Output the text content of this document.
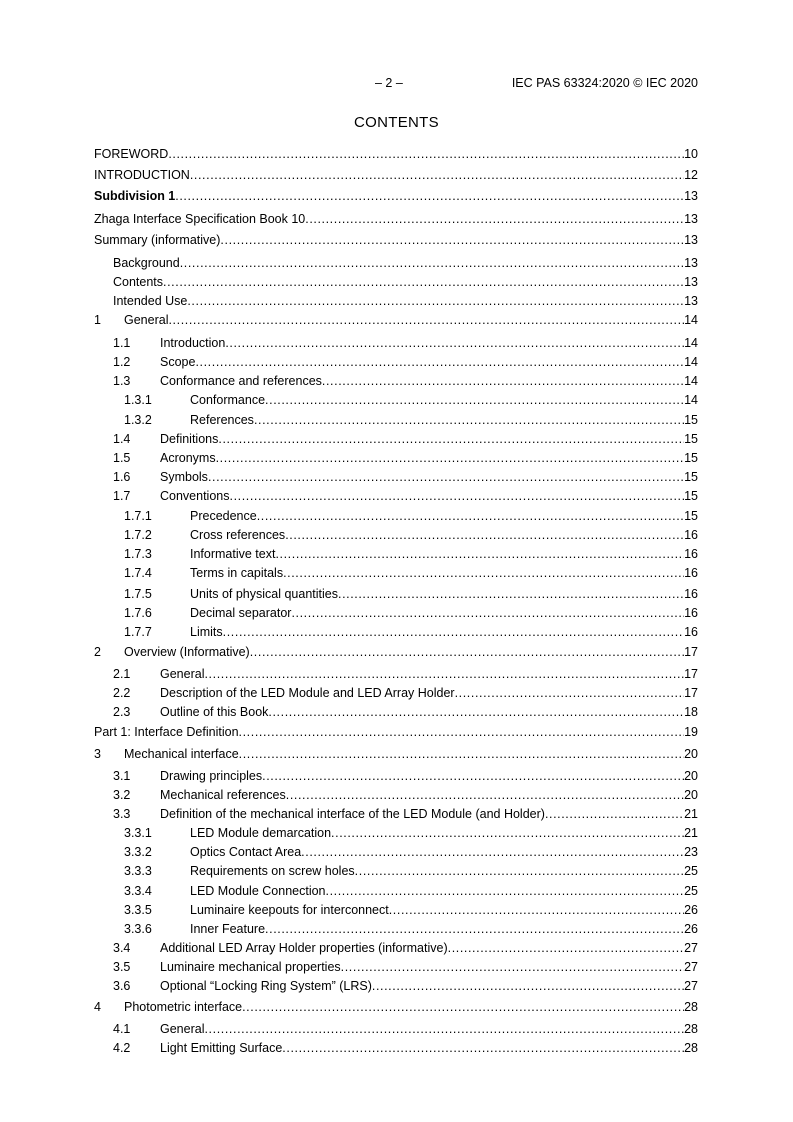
– 2 –	IEC PAS 63324:2020 © IEC 2020
CONTENTS
FOREWORD .....	10
INTRODUCTION .....	12
Subdivision 1 .....	13
Zhaga Interface Specification Book 10 .....	13
Summary (informative) .....	13
Background .....	13
Contents .....	13
Intended Use .....	13
1 General .....	14
1.1 Introduction .....	14
1.2 Scope .....	14
1.3 Conformance and references .....	14
1.3.1	Conformance .....	14
1.3.2	References .....	15
1.4 Definitions .....	15
1.5 Acronyms .....	15
1.6 Symbols .....	15
1.7 Conventions .....	15
1.7.1	Precedence .....	15
1.7.2	Cross references .....	16
1.7.3	Informative text .....	16
1.7.4	Terms in capitals .....	16
1.7.5	Units of physical quantities .....	16
1.7.6	Decimal separator .....	16
1.7.7	Limits .....	16
2 Overview (Informative) .....	17
2.1 General .....	17
2.2 Description of the LED Module and LED Array Holder .....	17
2.3 Outline of this Book .....	18
Part 1: Interface Definition .....	19
3 Mechanical interface .....	20
3.1 Drawing principles .....	20
3.2 Mechanical references .....	20
3.3 Definition of the mechanical interface of the LED Module (and Holder) .....	21
3.3.1	LED Module demarcation .....	21
3.3.2	Optics Contact Area .....	23
3.3.3	Requirements on screw holes .....	25
3.3.4	LED Module Connection .....	25
3.3.5	Luminaire keepouts for interconnect .....	26
3.3.6	Inner Feature .....	26
3.4 Additional LED Array Holder properties (informative) .....	27
3.5 Luminaire mechanical properties .....	27
3.6 Optional “Locking Ring System” (LRS) .....	27
4 Photometric interface .....	28
4.1 General .....	28
4.2 Light Emitting Surface .....	28
